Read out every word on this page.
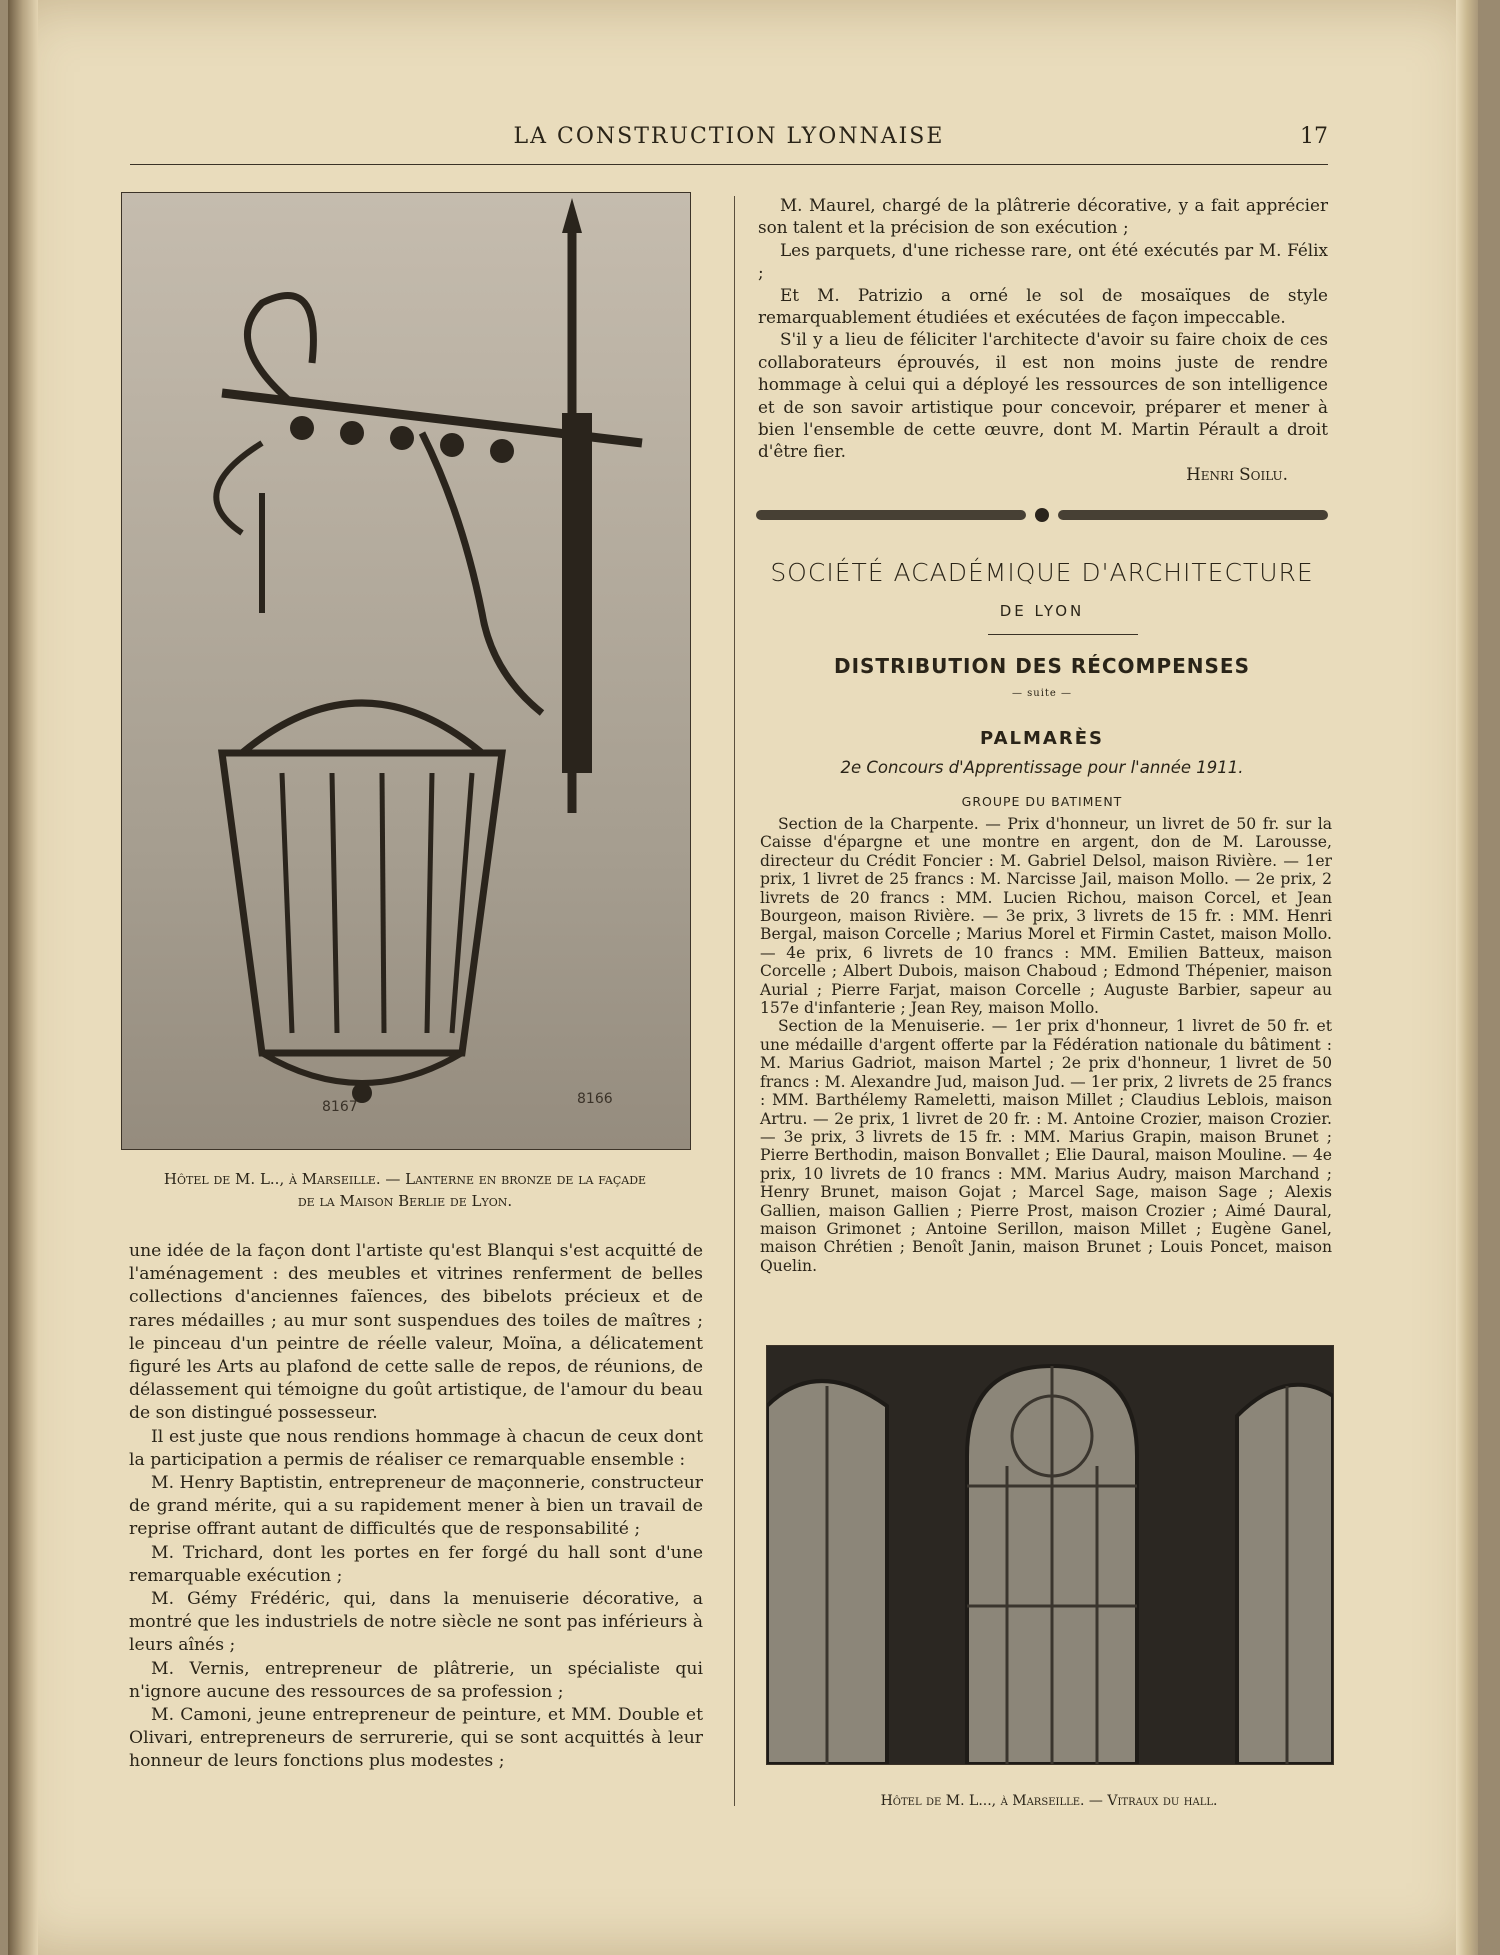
LA CONSTRUCTION LYONNAISE	17
8167	8166
Hôtel de M. L.., à Marseille. — Lanterne en bronze de la façade
de la Maison Berlie de Lyon.

une idée de la façon dont l'artiste qu'est Blanqui s'est acquitté de l'aménagement : des meubles et vitrines renferment de belles collections d'anciennes faïences, des bibelots précieux et de rares médailles ; au mur sont suspendues des toiles de maîtres ; le pinceau d'un peintre de réelle valeur, Moïna, a délicatement figuré les Arts au plafond de cette salle de repos, de réunions, de délassement qui témoigne du goût artistique, de l'amour du beau de son distingué possesseur.

Il est juste que nous rendions hommage à chacun de ceux dont la participation a permis de réaliser ce remarquable ensemble :

M. Henry Baptistin, entrepreneur de maçonnerie, constructeur de grand mérite, qui a su rapidement mener à bien un travail de reprise offrant autant de difficultés que de responsabilité ;

M. Trichard, dont les portes en fer forgé du hall sont d'une remarquable exécution ;

M. Gémy Frédéric, qui, dans la menuiserie décorative, a montré que les industriels de notre siècle ne sont pas inférieurs à leurs aînés ;

M. Vernis, entrepreneur de plâtrerie, un spécialiste qui n'ignore aucune des ressources de sa profession ;

M. Camoni, jeune entrepreneur de peinture, et MM. Double et Olivari, entrepreneurs de serrurerie, qui se sont acquittés à leur honneur de leurs fonctions plus modestes ;

M. Maurel, chargé de la plâtrerie décorative, y a fait apprécier son talent et la précision de son exécution ;

Les parquets, d'une richesse rare, ont été exécutés par M. Félix ;

Et M. Patrizio a orné le sol de mosaïques de style remarquablement étudiées et exécutées de façon impeccable.

S'il y a lieu de féliciter l'architecte d'avoir su faire choix de ces collaborateurs éprouvés, il est non moins juste de rendre hommage à celui qui a déployé les ressources de son intelligence et de son savoir artistique pour concevoir, préparer et mener à bien l'ensemble de cette œuvre, dont M. Martin Pérault a droit d'être fier.

Henri Soilu.
SOCIÉTÉ ACADÉMIQUE D'ARCHITECTURE
DE LYON
DISTRIBUTION DES RÉCOMPENSES
— suite —
PALMARÈS
2e Concours d'Apprentissage pour l'année 1911.
GROUPE DU BATIMENT

Section de la Charpente. — Prix d'honneur, un livret de 50 fr. sur la Caisse d'épargne et une montre en argent, don de M. Larousse, directeur du Crédit Foncier : M. Gabriel Delsol, maison Rivière. — 1er prix, 1 livret de 25 francs : M. Narcisse Jail, maison Mollo. — 2e prix, 2 livrets de 20 francs : MM. Lucien Richou, maison Corcel, et Jean Bourgeon, maison Rivière. — 3e prix, 3 livrets de 15 fr. : MM. Henri Bergal, maison Corcelle ; Marius Morel et Firmin Castet, maison Mollo. — 4e prix, 6 livrets de 10 francs : MM. Emilien Batteux, maison Corcelle ; Albert Dubois, maison Chaboud ; Edmond Thépenier, maison Aurial ; Pierre Farjat, maison Corcelle ; Auguste Barbier, sapeur au 157e d'infanterie ; Jean Rey, maison Mollo.

Section de la Menuiserie. — 1er prix d'honneur, 1 livret de 50 fr. et une médaille d'argent offerte par la Fédération nationale du bâtiment : M. Marius Gadriot, maison Martel ; 2e prix d'honneur, 1 livret de 50 francs : M. Alexandre Jud, maison Jud. — 1er prix, 2 livrets de 25 francs : MM. Barthélemy Rameletti, maison Millet ; Claudius Leblois, maison Artru. — 2e prix, 1 livret de 20 fr. : M. Antoine Crozier, maison Crozier. — 3e prix, 3 livrets de 15 fr. : MM. Marius Grapin, maison Brunet ; Pierre Berthodin, maison Bonvallet ; Elie Daural, maison Mouline. — 4e prix, 10 livrets de 10 francs : MM. Marius Audry, maison Marchand ; Henry Brunet, maison Gojat ; Marcel Sage, maison Sage ; Alexis Gallien, maison Gallien ; Pierre Prost, maison Crozier ; Aimé Daural, maison Grimonet ; Antoine Serillon, maison Millet ; Eugène Ganel, maison Chrétien ; Benoît Janin, maison Brunet ; Louis Poncet, maison Quelin.

Hôtel de M. L..., à Marseille. — Vitraux du hall.
